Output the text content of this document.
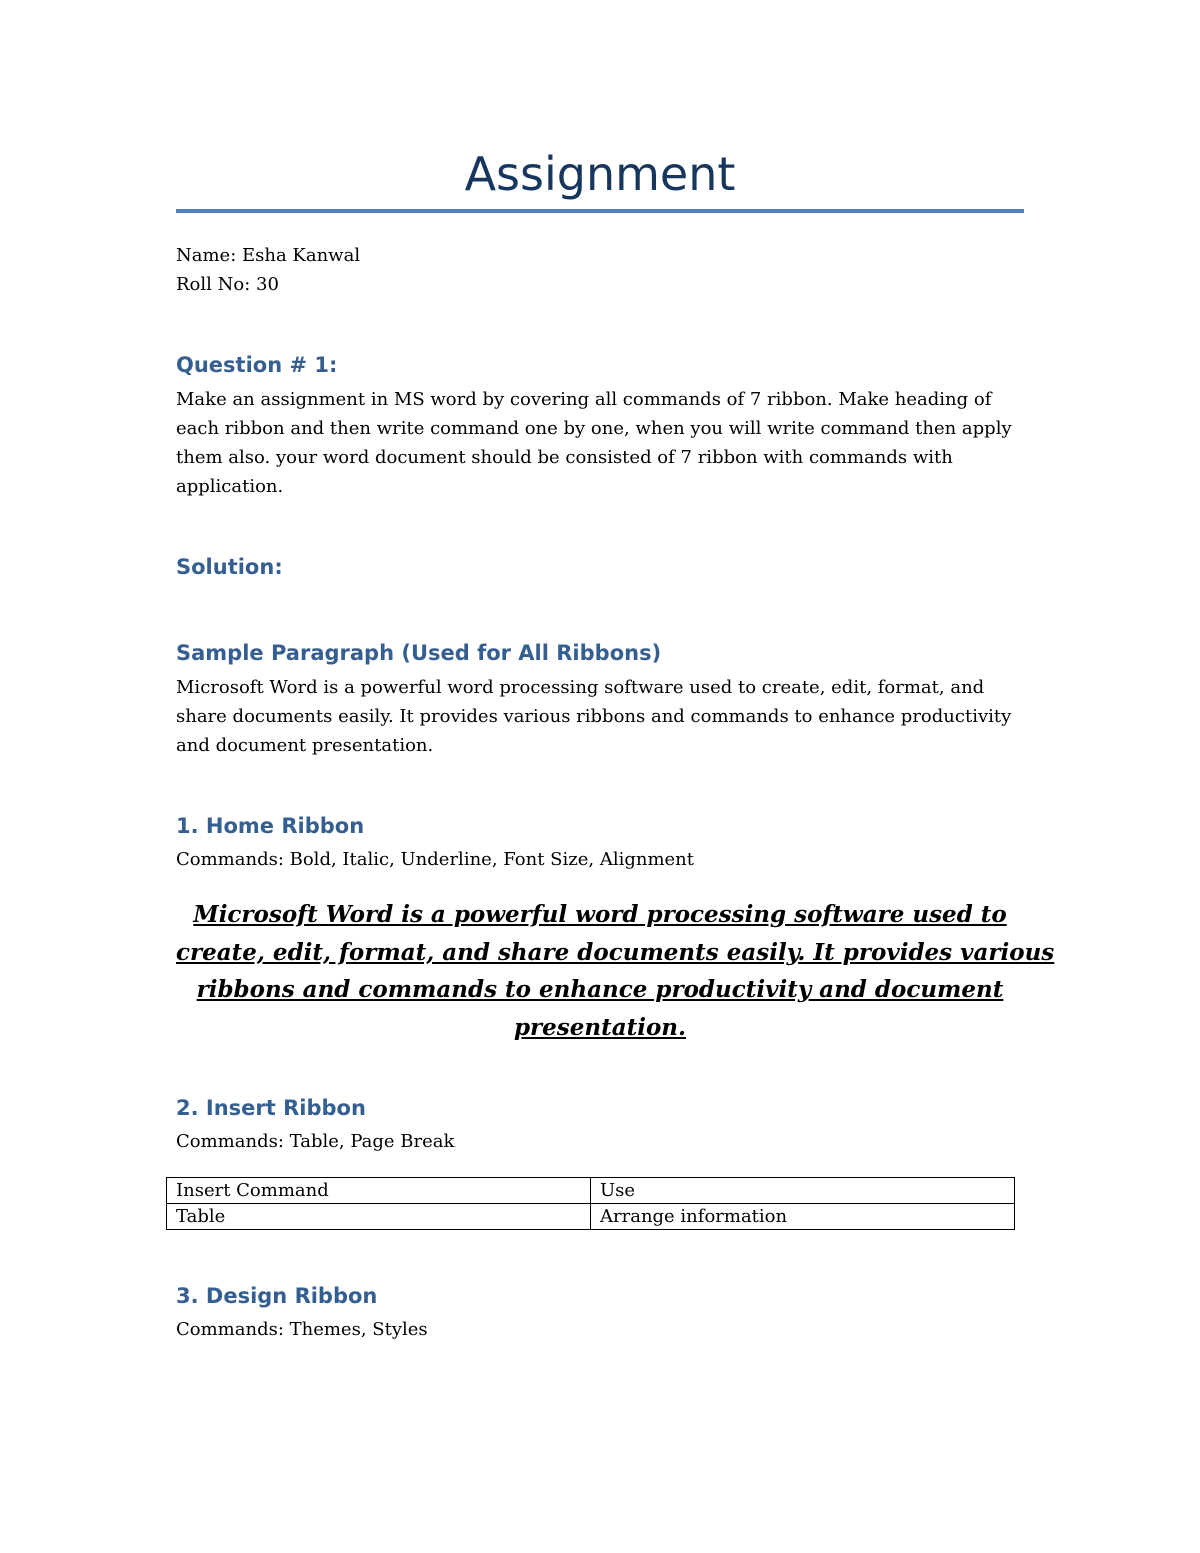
Assignment
Name: Esha Kanwal
Roll No: 30
Question # 1:
Make an assignment in MS word by covering all commands of 7 ribbon. Make heading of
each ribbon and then write command one by one, when you will write command then apply
them also. your word document should be consisted of 7 ribbon with commands with
application.
Solution:
Sample Paragraph (Used for All Ribbons)
Microsoft Word is a powerful word processing software used to create, edit, format, and
share documents easily. It provides various ribbons and commands to enhance productivity
and document presentation.
1. Home Ribbon
Commands: Bold, Italic, Underline, Font Size, Alignment
Microsoft Word is a powerful word processing software used to
create, edit, format, and share documents easily. It provides various
ribbons and commands to enhance productivity and document
presentation.
2. Insert Ribbon
Commands: Table, Page Break
Insert Command	Use
Table	Arrange information
3. Design Ribbon
Commands: Themes, Styles
